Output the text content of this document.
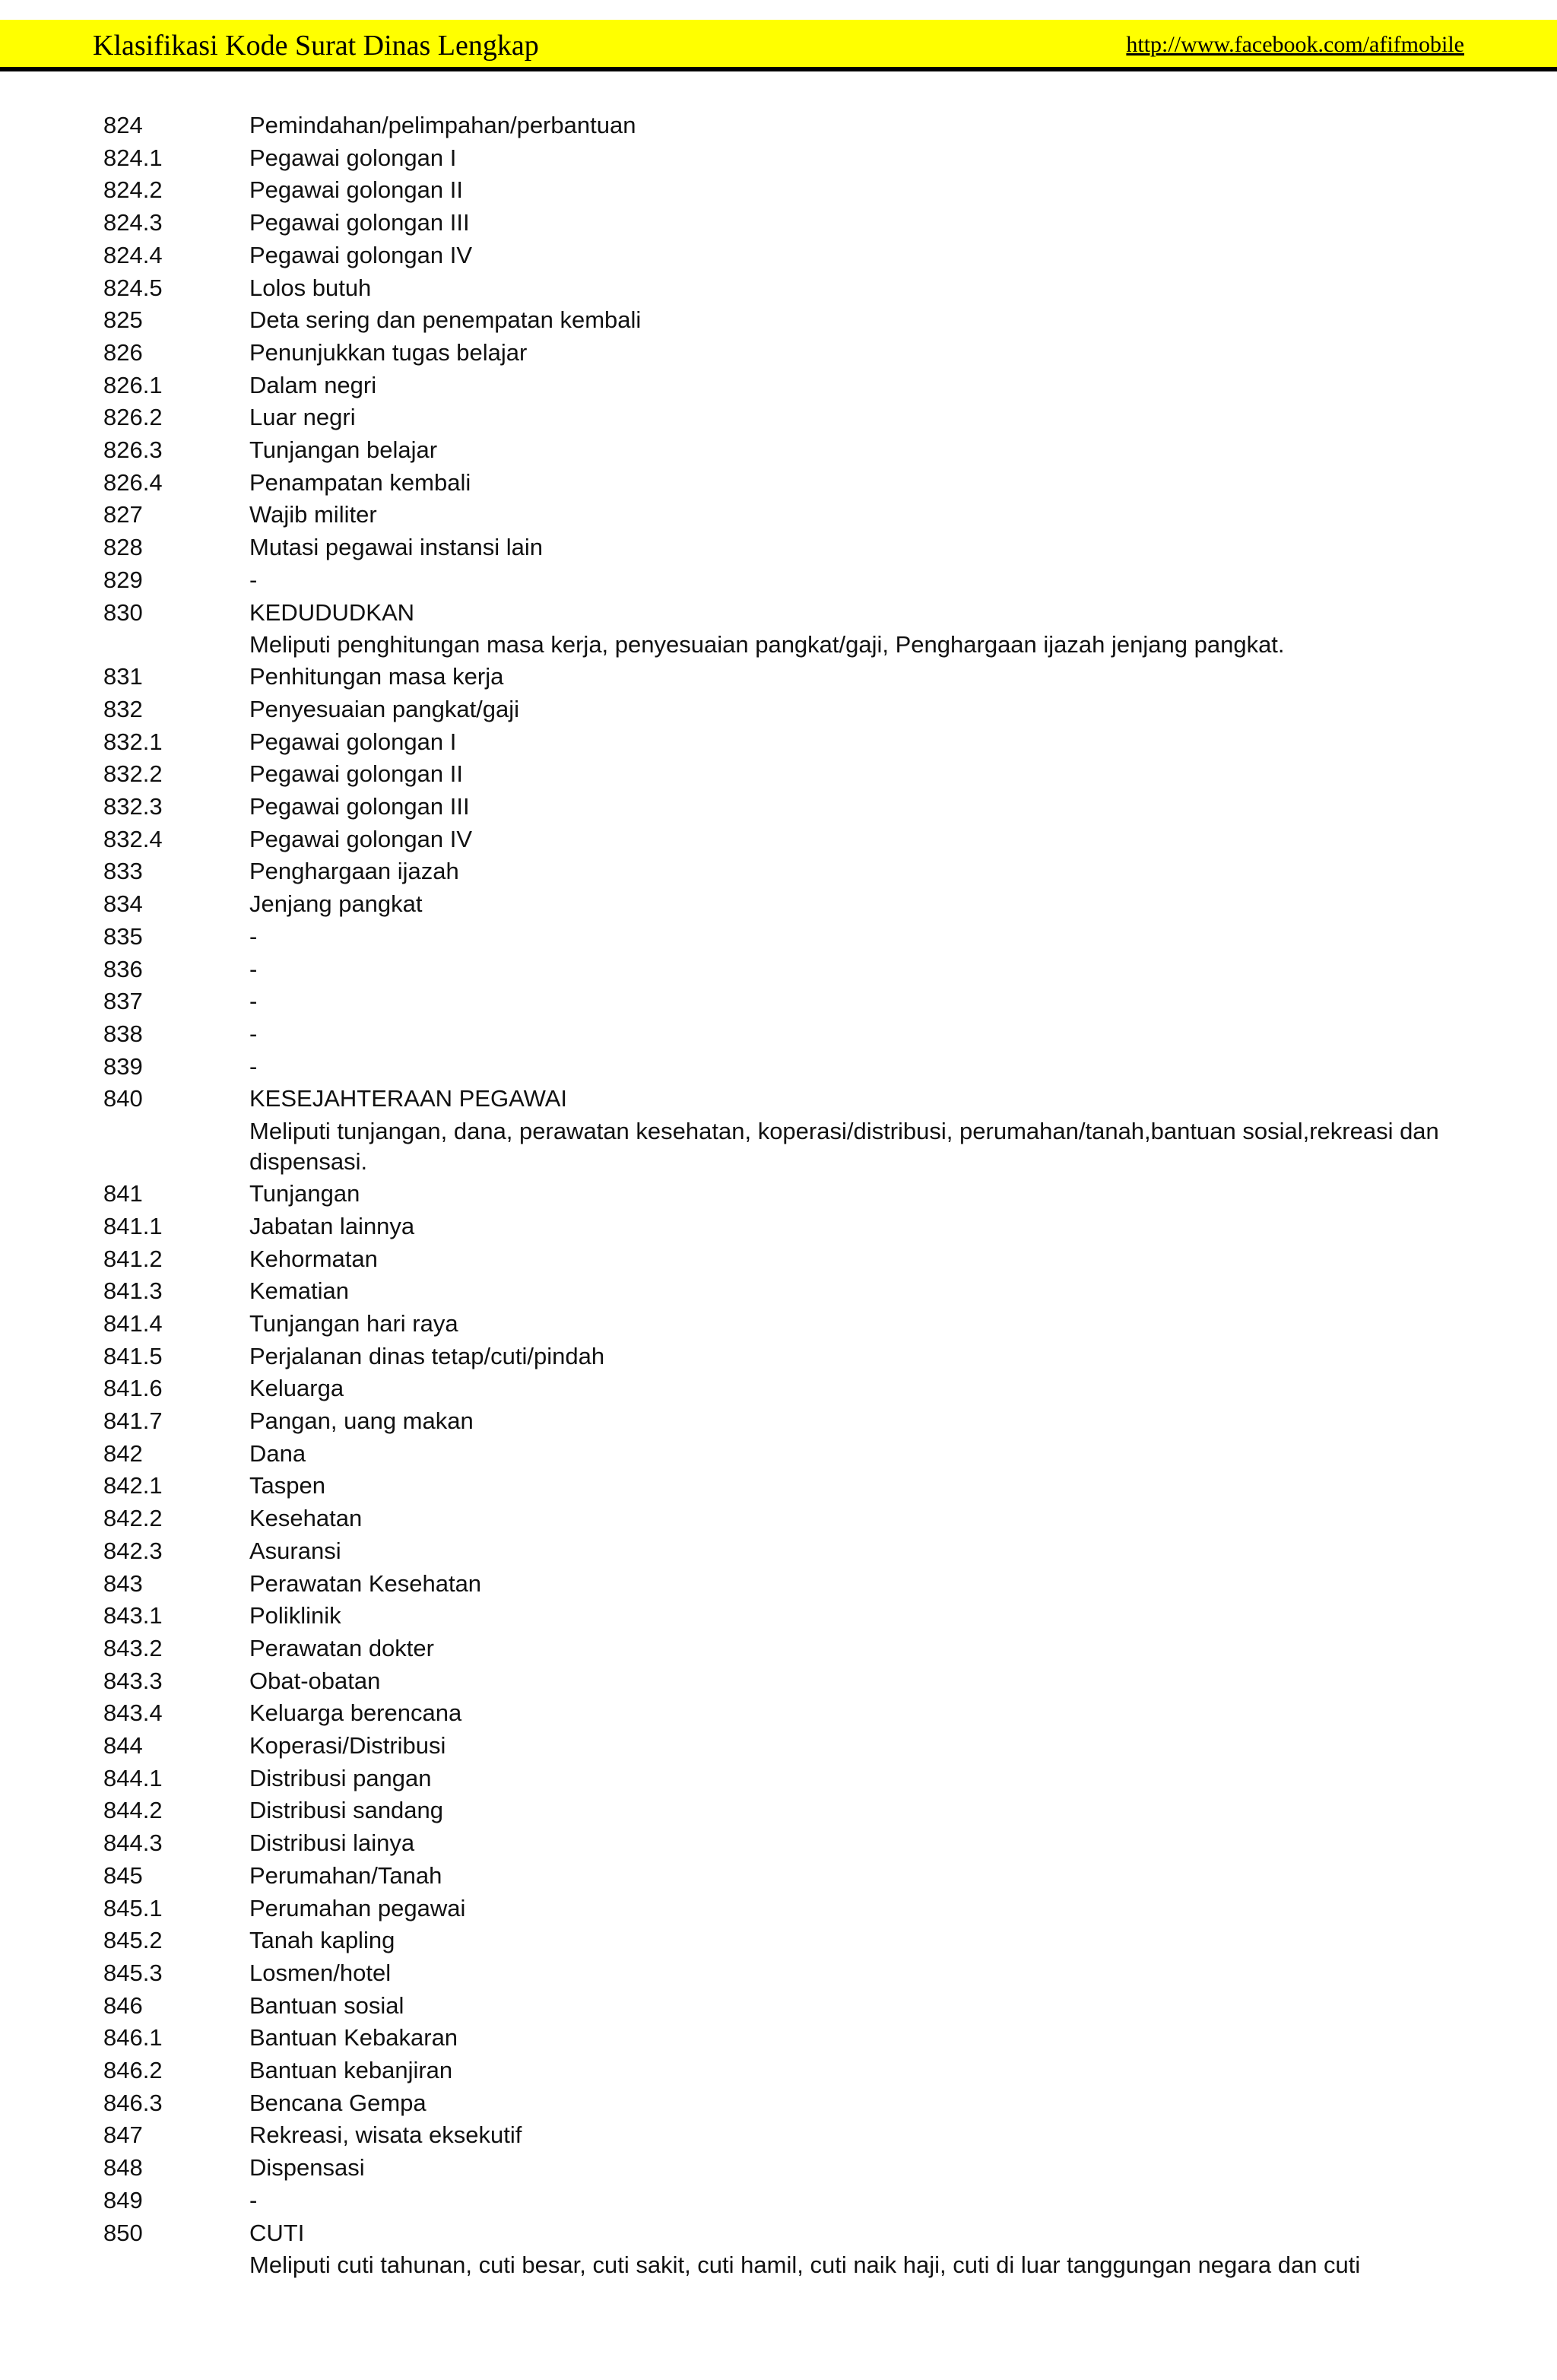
Klasifikasi Kode Surat Dinas Lengkap	http://www.facebook.com/afifmobile
824	Pemindahan/pelimpahan/perbantuan
824.1	Pegawai golongan I
824.2	Pegawai golongan II
824.3	Pegawai golongan III
824.4	Pegawai golongan IV
824.5	Lolos butuh
825	Deta sering dan penempatan kembali
826	Penunjukkan tugas belajar
826.1	Dalam negri
826.2	Luar negri
826.3	Tunjangan belajar
826.4	Penampatan kembali
827	Wajib militer
828	Mutasi pegawai instansi lain
829	-
830	KEDUDUDKAN
Meliputi penghitungan masa kerja, penyesuaian pangkat/gaji, Penghargaan ijazah jenjang pangkat.
831	Penhitungan masa kerja
832	Penyesuaian pangkat/gaji
832.1	Pegawai golongan I
832.2	Pegawai golongan II
832.3	Pegawai golongan III
832.4	Pegawai golongan IV
833	Penghargaan ijazah
834	Jenjang pangkat
835	-
836	-
837	-
838	-
839	-
840	KESEJAHTERAAN PEGAWAI
Meliputi tunjangan, dana, perawatan kesehatan, koperasi/distribusi, perumahan/tanah,bantuan sosial,rekreasi dan dispensasi.
841	Tunjangan
841.1	Jabatan lainnya
841.2	Kehormatan
841.3	Kematian
841.4	Tunjangan hari raya
841.5	Perjalanan dinas tetap/cuti/pindah
841.6	Keluarga
841.7	Pangan, uang makan
842	Dana
842.1	Taspen
842.2	Kesehatan
842.3	Asuransi
843	Perawatan Kesehatan
843.1	Poliklinik
843.2	Perawatan dokter
843.3	Obat-obatan
843.4	Keluarga berencana
844	Koperasi/Distribusi
844.1	Distribusi pangan
844.2	Distribusi sandang
844.3	Distribusi lainya
845	Perumahan/Tanah
845.1	Perumahan pegawai
845.2	Tanah kapling
845.3	Losmen/hotel
846	Bantuan sosial
846.1	Bantuan Kebakaran
846.2	Bantuan kebanjiran
846.3	Bencana Gempa
847	Rekreasi, wisata eksekutif
848	Dispensasi
849	-
850	CUTI
Meliputi cuti tahunan, cuti besar, cuti sakit, cuti hamil, cuti naik haji, cuti di luar tanggungan negara dan cuti
